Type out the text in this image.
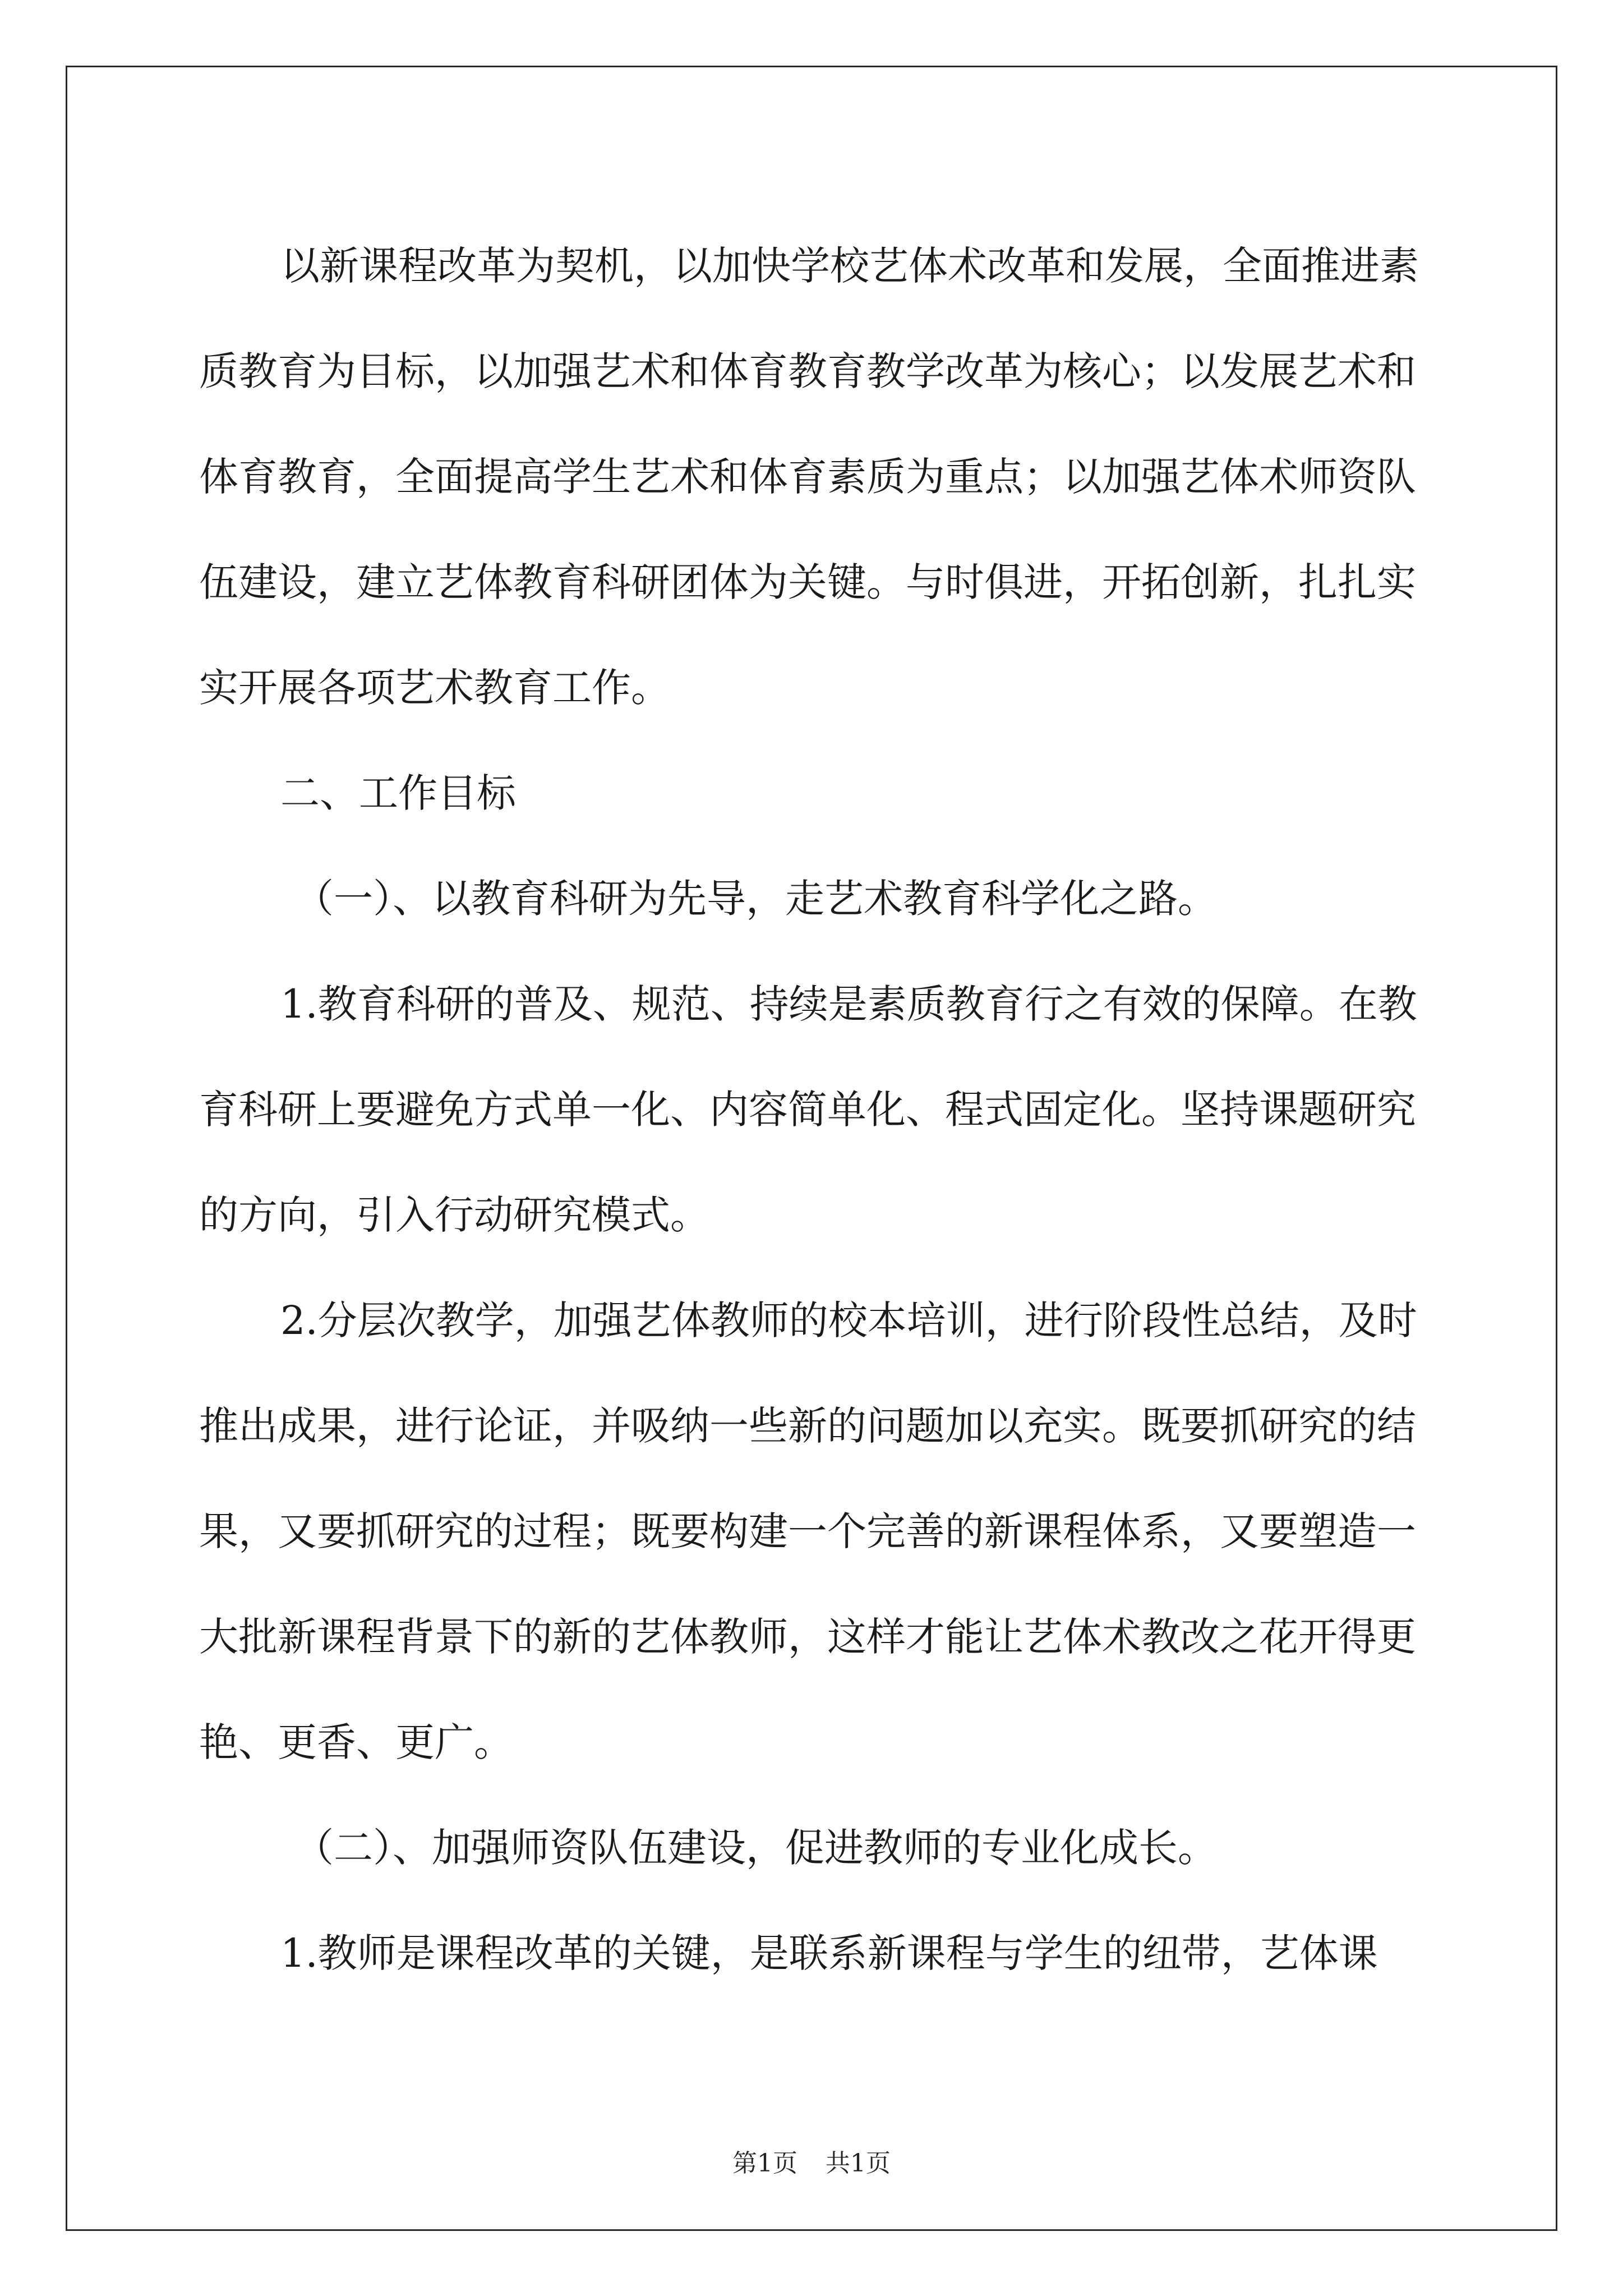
以新课程改革为契机，以加快学校艺体术改革和发展，全面推进素质教育为目标，以加强艺术和体育教育教学改革为核心；以发展艺术和体育教育，全面提高学生艺术和体育素质为重点；以加强艺体术师资队伍建设，建立艺体教育科研团体为关键。与时俱进，开拓创新，扎扎实实开展各项艺术教育工作。

二、工作目标

（一）、以教育科研为先导，走艺术教育科学化之路。

1.教育科研的普及、规范、持续是素质教育行之有效的保障。在教育科研上要避免方式单一化、内容简单化、程式固定化。坚持课题研究的方向，引入行动研究模式。

2.分层次教学，加强艺体教师的校本培训，进行阶段性总结，及时推出成果，进行论证，并吸纳一些新的问题加以充实。既要抓研究的结果，又要抓研究的过程；既要构建一个完善的新课程体系，又要塑造一大批新课程背景下的新的艺体教师，这样才能让艺体术教改之花开得更艳、更香、更广。

（二）、加强师资队伍建设，促进教师的专业化成长。

1.教师是课程改革的关键，是联系新课程与学生的纽带，艺体课

第1页 共1页
